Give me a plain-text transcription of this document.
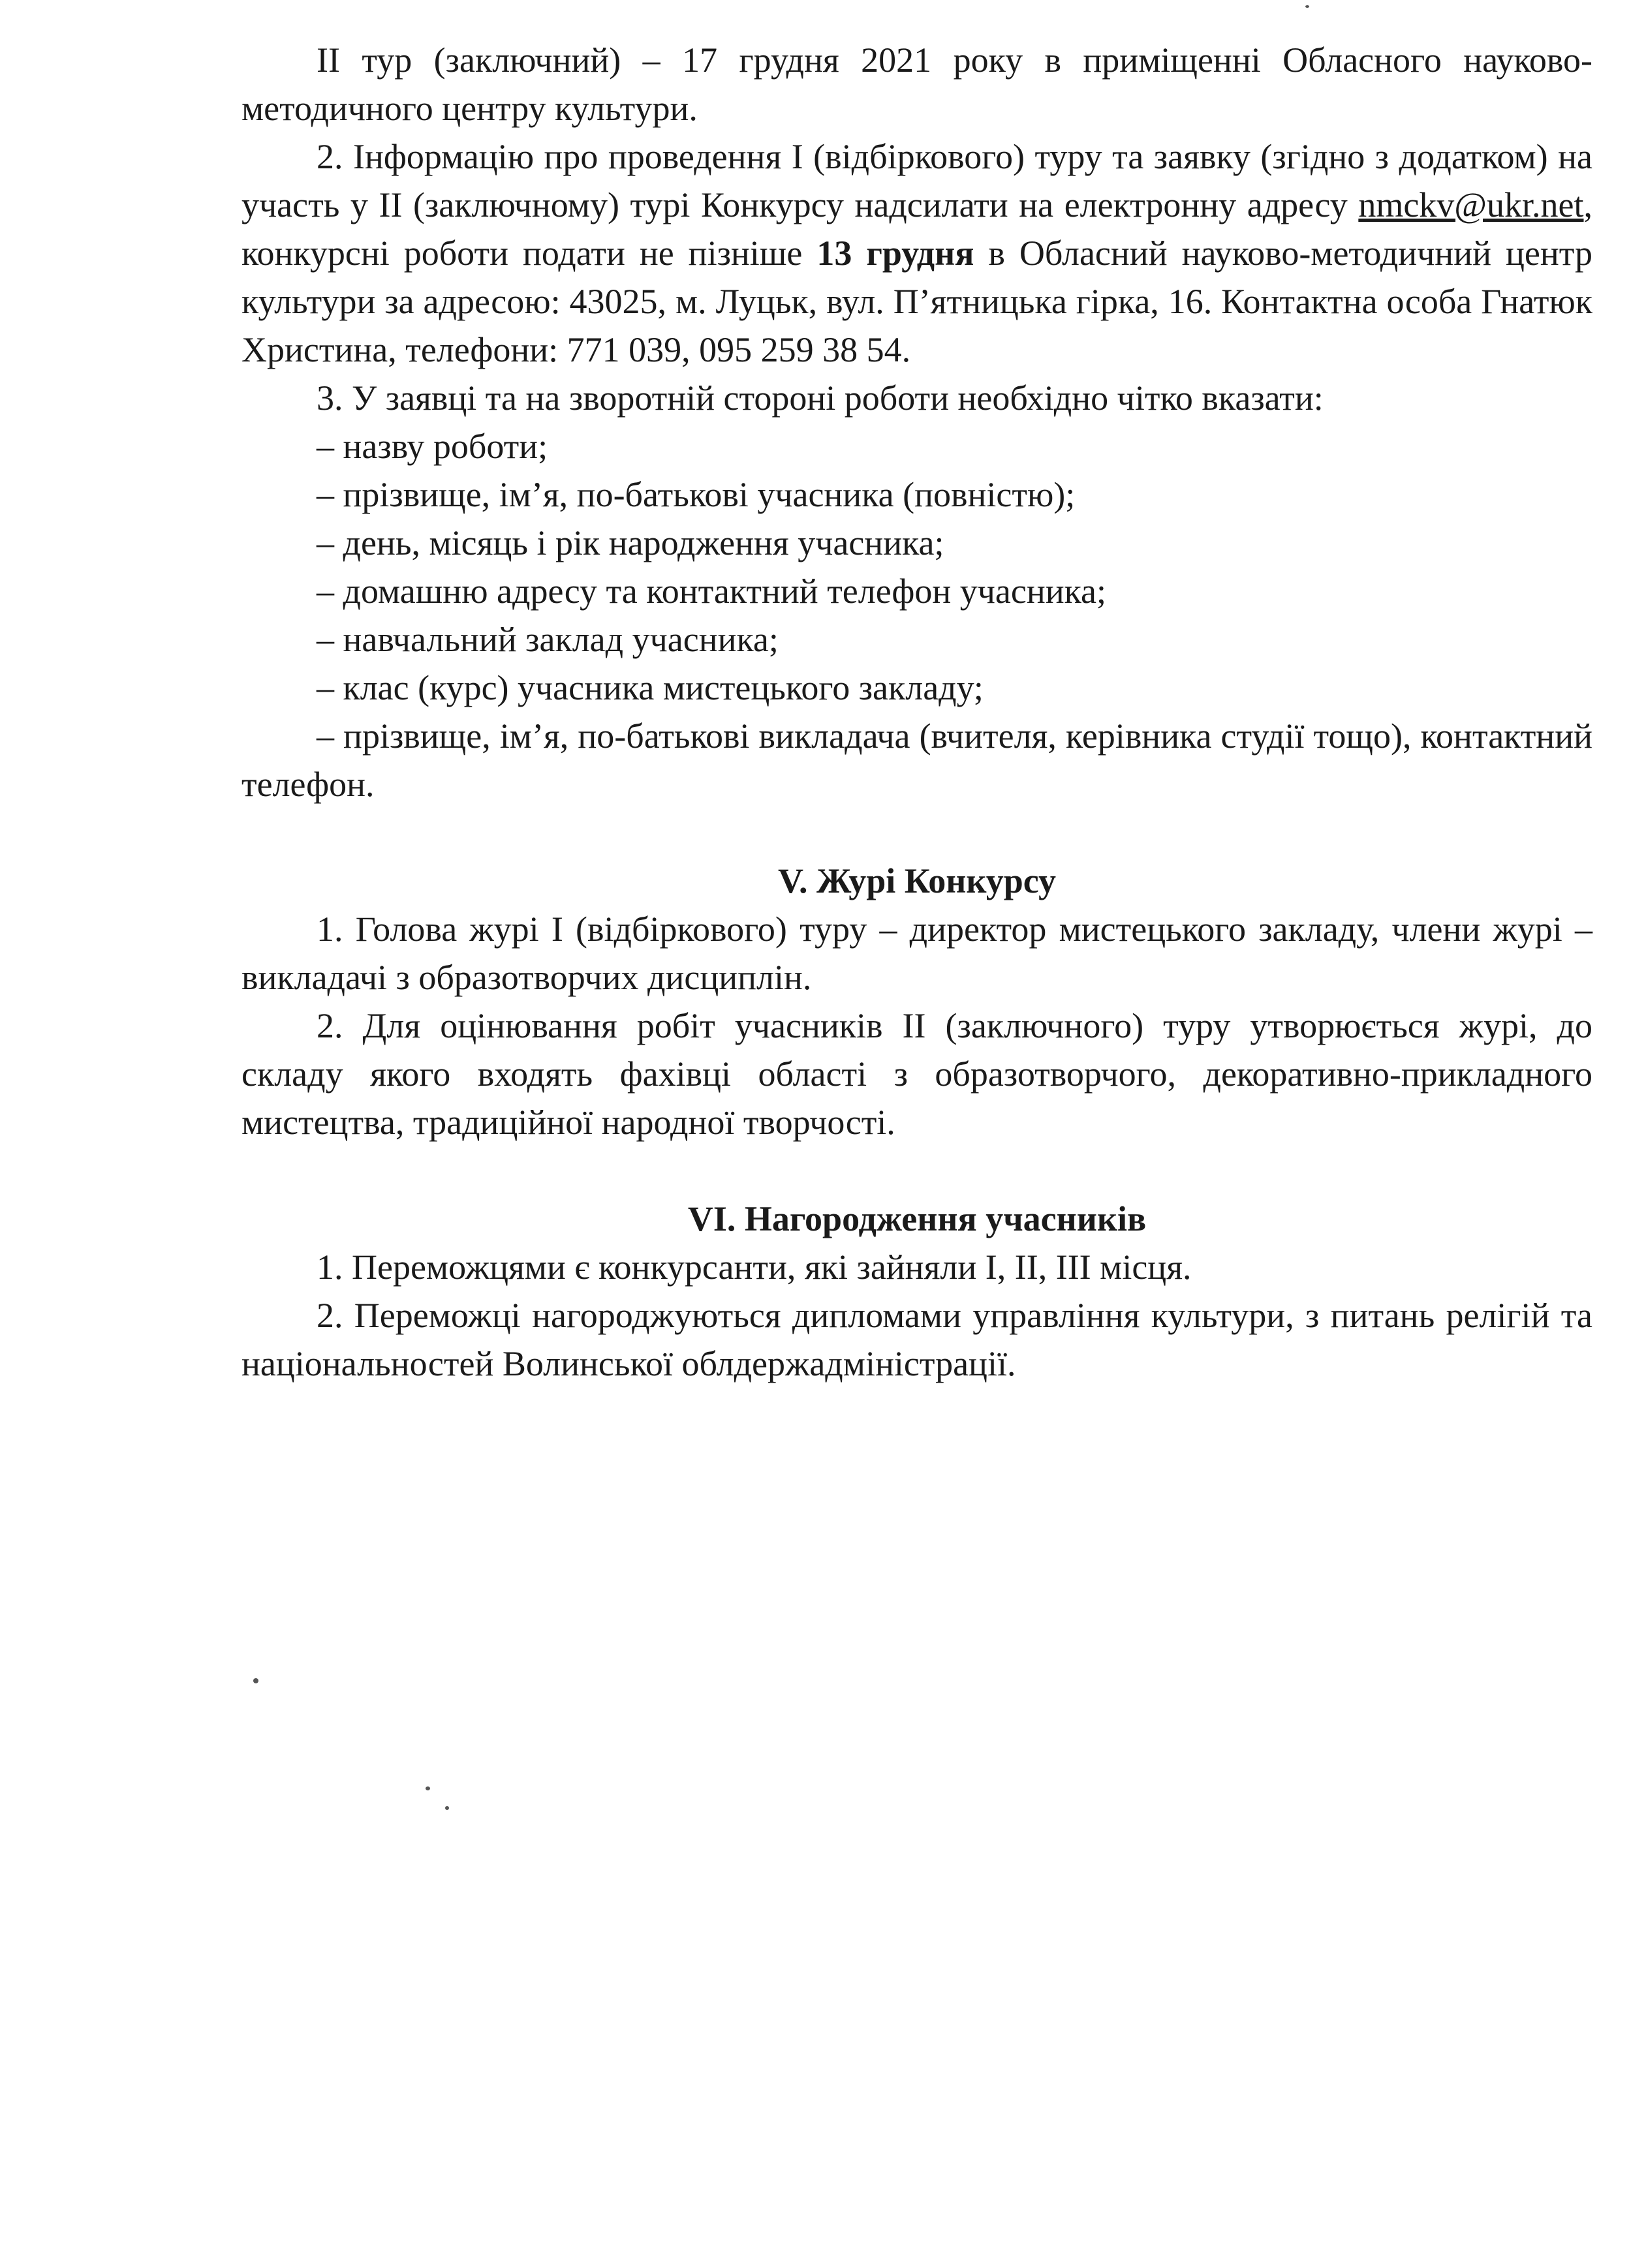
ІІ тур (заключний) – 17 грудня 2021 року в приміщенні Обласного науково-методичного центру культури.

2. Інформацію про проведення І (відбіркового) туру та заявку (згідно з додатком) на участь у ІІ (заключному) турі Конкурсу надсилати на електронну адресу nmckv@ukr.net, конкурсні роботи подати не пізніше 13 грудня в Обласний науково-методичний центр культури за адресою: 43025, м. Луцьк, вул. П’ятницька гірка, 16. Контактна особа Гнатюк Христина, телефони: 771 039, 095 259 38 54.

3. У заявці та на зворотній стороні роботи необхідно чітко вказати:

– назву роботи;

– прізвище, ім’я, по-батькові учасника (повністю);

– день, місяць і рік народження учасника;

– домашню адресу та контактний телефон учасника;

– навчальний заклад учасника;

– клас (курс) учасника мистецького закладу;

– прізвище, ім’я, по-батькові викладача (вчителя, керівника студії тощо), контактний телефон.

V. Журі Конкурсу

1. Голова журі І (відбіркового) туру – директор мистецького закладу, члени журі – викладачі з образотворчих дисциплін.

2. Для оцінювання робіт учасників ІІ (заключного) туру утворюється журі, до складу якого входять фахівці області з образотворчого, декоративно-прикладного мистецтва, традиційної народної творчості.

VI. Нагородження учасників

1. Переможцями є конкурсанти, які зайняли І, ІІ, ІІІ місця.

2. Переможці нагороджуються дипломами управління культури, з питань релігій та національностей Волинської облдержадміністрації.
